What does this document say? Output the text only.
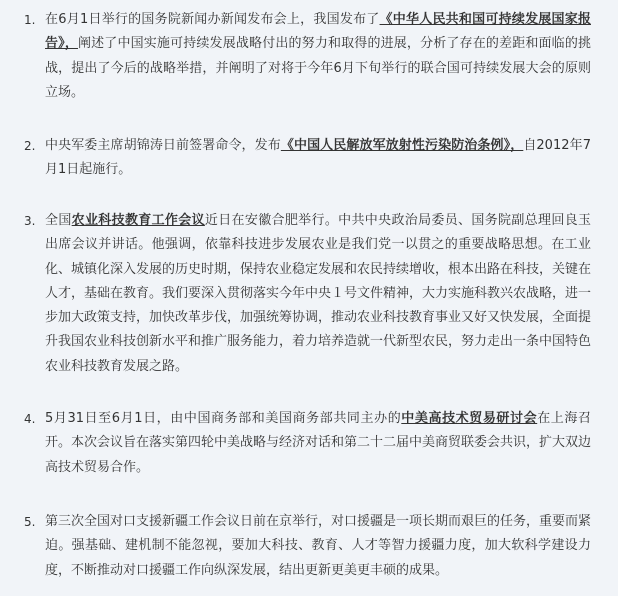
1. 在6月1日举行的国务院新闻办新闻发布会上，我国发布了《中华人民共和国可持续发展国家报告》，阐述了中国实施可持续发展战略付出的努力和取得的进展，分析了存在的差距和面临的挑战，提出了今后的战略举措，并阐明了对将于今年6月下旬举行的联合国可持续发展大会的原则立场。
2. 中央军委主席胡锦涛日前签署命令，发布《中国人民解放军放射性污染防治条例》，自2012年7月1日起施行。
3. 全国农业科技教育工作会议近日在安徽合肥举行。中共中央政治局委员、国务院副总理回良玉出席会议并讲话。他强调，依靠科技进步发展农业是我们党一以贯之的重要战略思想。在工业化、城镇化深入发展的历史时期，保持农业稳定发展和农民持续增收，根本出路在科技，关键在人才，基础在教育。我们要深入贯彻落实今年中央１号文件精神，大力实施科教兴农战略，进一步加大政策支持，加快改革步伐，加强统筹协调，推动农业科技教育事业又好又快发展，全面提升我国农业科技创新水平和推广服务能力，着力培养造就一代新型农民，努力走出一条中国特色农业科技教育发展之路。
4. 5月31日至6月1日，由中国商务部和美国商务部共同主办的中美高技术贸易研讨会在上海召开。本次会议旨在落实第四轮中美战略与经济对话和第二十二届中美商贸联委会共识，扩大双边高技术贸易合作。
5. 第三次全国对口支援新疆工作会议日前在京举行，对口援疆是一项长期而艰巨的任务，重要而紧迫。强基础、建机制不能忽视，要加大科技、教育、人才等智力援疆力度，加大软科学建设力度，不断推动对口援疆工作向纵深发展，结出更新更美更丰硕的成果。
